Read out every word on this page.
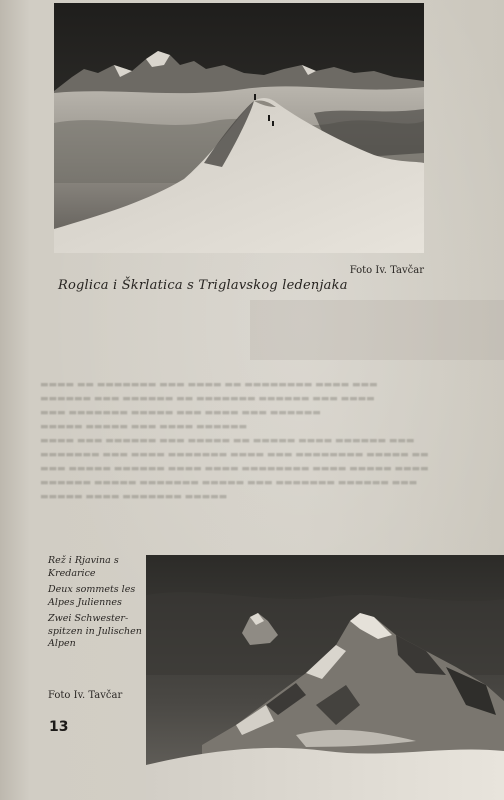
▬▬▬▬ ▬▬ ▬▬▬▬▬▬▬ ▬▬▬ ▬▬▬▬ ▬▬ ▬▬▬▬▬▬▬▬ ▬▬▬▬ ▬▬▬
▬▬▬▬▬▬ ▬▬▬ ▬▬▬▬▬▬ ▬▬ ▬▬▬▬▬▬▬ ▬▬▬▬▬▬ ▬▬▬ ▬▬▬▬
▬▬▬ ▬▬▬▬▬▬▬ ▬▬▬▬▬ ▬▬▬ ▬▬▬▬ ▬▬▬ ▬▬▬▬▬▬
▬▬▬▬▬ ▬▬▬▬▬ ▬▬▬ ▬▬▬▬ ▬▬▬▬▬▬
▬▬▬▬ ▬▬▬ ▬▬▬▬▬▬ ▬▬▬ ▬▬▬▬▬ ▬▬ ▬▬▬▬▬ ▬▬▬▬ ▬▬▬▬▬▬ ▬▬▬
▬▬▬▬▬▬▬ ▬▬▬ ▬▬▬▬ ▬▬▬▬▬▬▬ ▬▬▬▬ ▬▬▬ ▬▬▬▬▬▬▬▬ ▬▬▬▬▬ ▬▬
▬▬▬ ▬▬▬▬▬ ▬▬▬▬▬▬ ▬▬▬▬ ▬▬▬▬ ▬▬▬▬▬▬▬▬ ▬▬▬▬ ▬▬▬▬▬ ▬▬▬▬
▬▬▬▬▬▬ ▬▬▬▬▬ ▬▬▬▬▬▬▬ ▬▬▬▬▬ ▬▬▬ ▬▬▬▬▬▬▬ ▬▬▬▬▬▬ ▬▬▬
▬▬▬▬▬ ▬▬▬▬ ▬▬▬▬▬▬▬ ▬▬▬▬▬
Foto Iv. Tavčar
Roglica i Škrlatica s Triglavskog ledenjaka

Rež i Rjavina s Kredarice

Deux sommets les Alpes Juliennes

Zwei Schwester- spitzen in Julischen Alpen

Foto Iv. Tavčar
13
